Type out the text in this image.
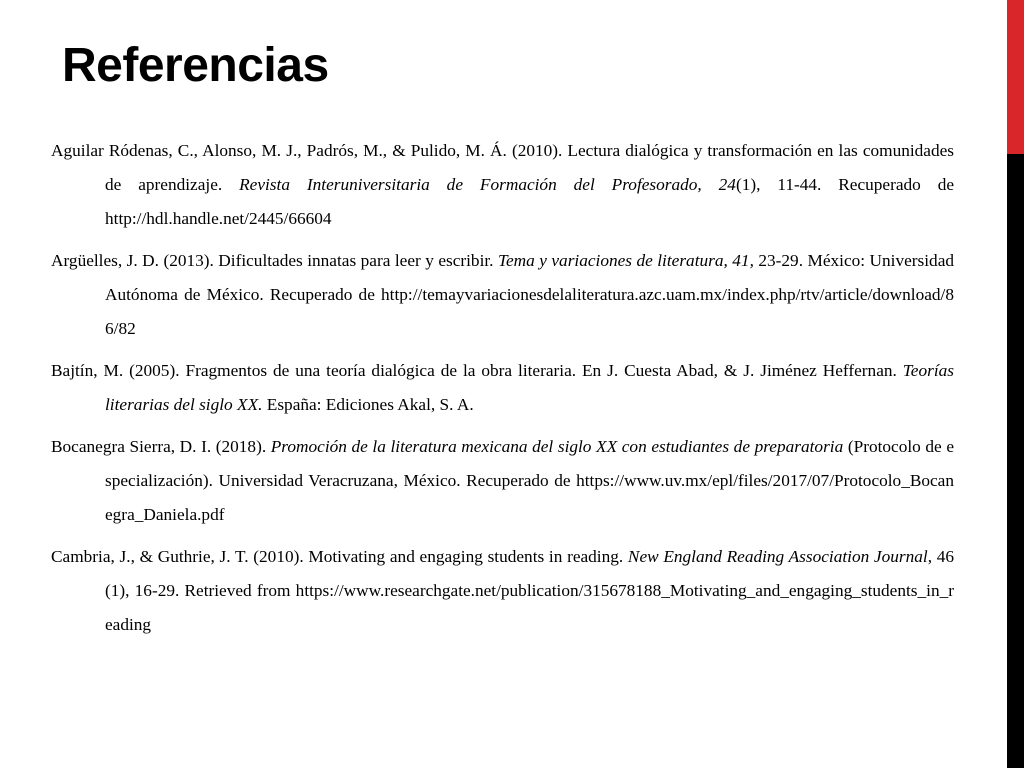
Referencias

Aguilar Ródenas, C., Alonso, M. J., Padrós, M., & Pulido, M. Á. (2010). Lectura dialógica y transformación en las comunidades de aprendizaje. Revista Interuniversitaria de Formación del Profesorado, 24(1), 11-44. Recuperado de http://hdl.handle.net/2445/66604

Argüelles, J. D. (2013). Dificultades innatas para leer y escribir. Tema y variaciones de literatura, 41, 23-29. México: Universidad Autónoma de México. Recuperado de http://temayvariacionesdelaliteratura.azc.uam.mx/index.php/rtv/article/download/86/82

Bajtín, M. (2005). Fragmentos de una teoría dialógica de la obra literaria. En J. Cuesta Abad, & J. Jiménez Heffernan. Teorías literarias del siglo XX. España: Ediciones Akal, S. A.

Bocanegra Sierra, D. I. (2018). Promoción de la literatura mexicana del siglo XX con estudiantes de preparatoria (Protocolo de especialización). Universidad Veracruzana, México. Recuperado de https://www.uv.mx/epl/files/2017/07/Protocolo_Bocanegra_Daniela.pdf

Cambria, J., & Guthrie, J. T. (2010). Motivating and engaging students in reading. New England Reading Association Journal, 46(1), 16-29. Retrieved from https://www.researchgate.net/publication/315678188_Motivating_and_engaging_students_in_reading
